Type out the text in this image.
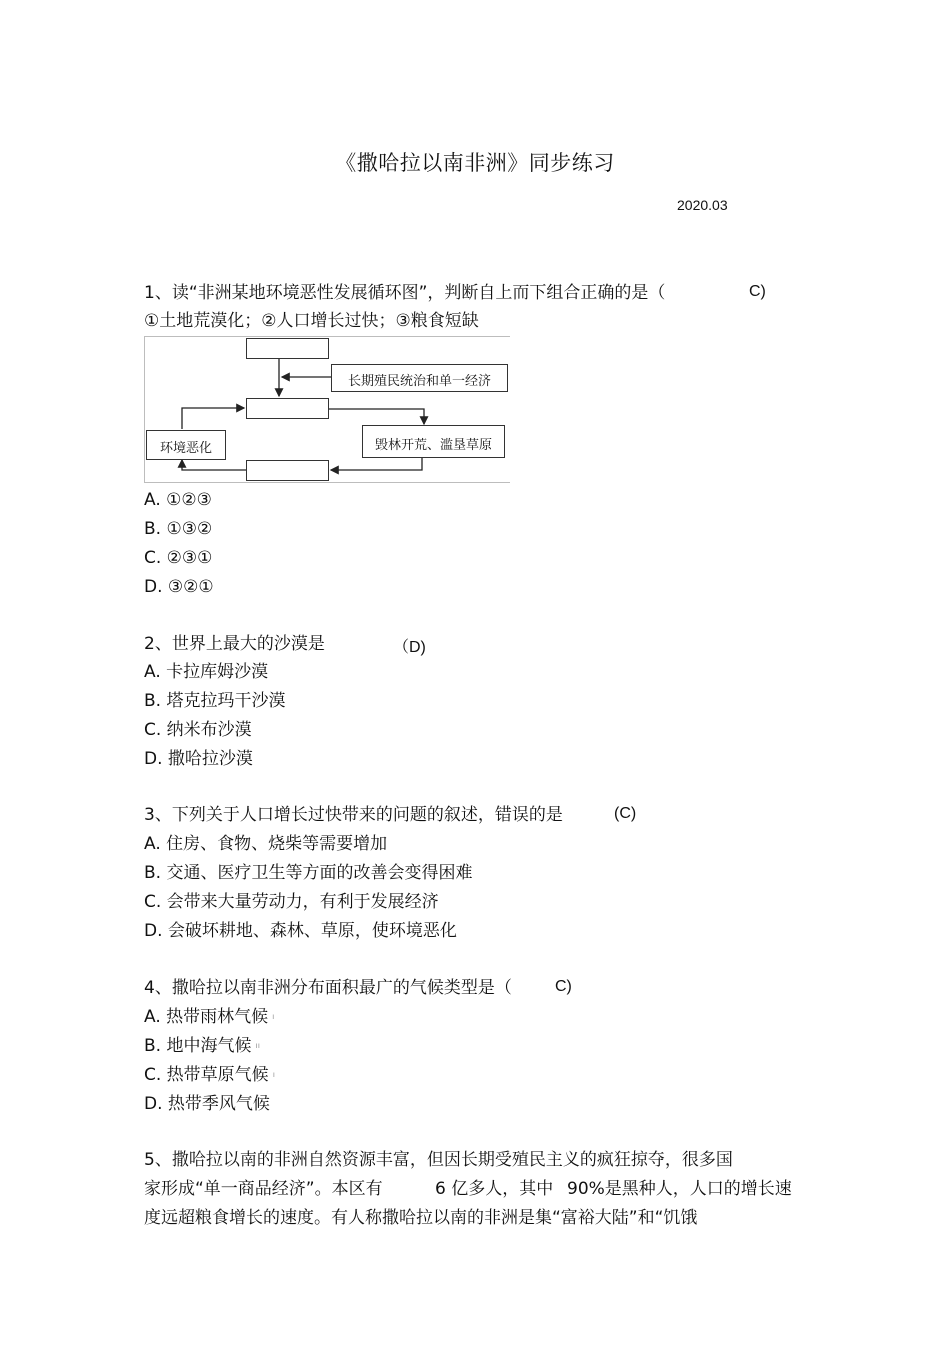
《撒哈拉以南非洲》同步练习
2020.03
1、读“非洲某地环境恶性发展循环图”，判断自上而下组合正确的是（	C)
①土地荒漠化；②人口增长过快；③粮食短缺
长期殖民统治和单一经济
毁林开荒、滥垦草原
环境恶化
A. ①②③
B. ①③②
C. ②③①
D. ③②①
2、世界上最大的沙漠是	（D)
A. 卡拉库姆沙漠
B. 塔克拉玛干沙漠
C. 纳米布沙漠
D. 撒哈拉沙漠
3、下列关于人口增长过快带来的问题的叙述，错误的是	(C)
A. 住房、食物、烧柴等需要增加
B. 交通、医疗卫生等方面的改善会变得困难
C. 会带来大量劳动力，有利于发展经济
D. 会破坏耕地、森林、草原，使环境恶化
4、撒哈拉以南非洲分布面积最广的气候类型是（	C)
A. 热带雨林气候 ı
B. 地中海气候 ıı
C. 热带草原气候 ı
D. 热带季风气候
5、撒哈拉以南的非洲自然资源丰富，但因长期受殖民主义的疯狂掠夺，很多国
家形成“单一商品经济”。本区有	6 亿多人，其中 90%是黑种人，人口的增长速
度远超粮食增长的速度。有人称撒哈拉以南的非洲是集“富裕大陆”和“饥饿
